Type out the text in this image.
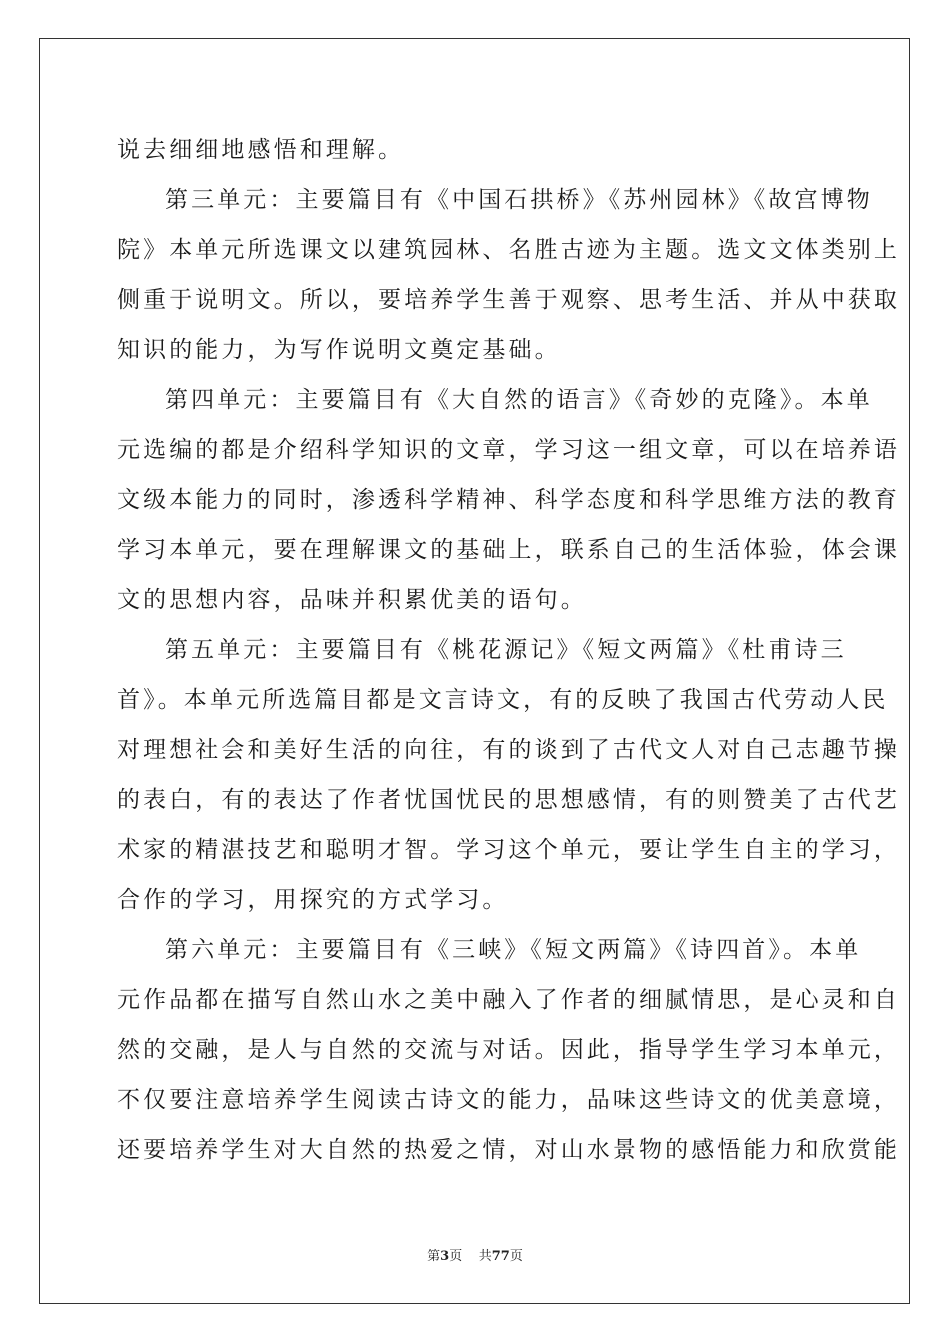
说去细细地感悟和理解。
第三单元：主要篇目有《中国石拱桥》《苏州园林》《故宫博物
院》本单元所选课文以建筑园林、名胜古迹为主题。选文文体类别上
侧重于说明文。所以，要培养学生善于观察、思考生活、并从中获取
知识的能力，为写作说明文奠定基础。
第四单元：主要篇目有《大自然的语言》《奇妙的克隆》。本单
元选编的都是介绍科学知识的文章，学习这一组文章，可以在培养语
文级本能力的同时，渗透科学精神、科学态度和科学思维方法的教育
学习本单元，要在理解课文的基础上，联系自己的生活体验，体会课
文的思想内容，品味并积累优美的语句。
第五单元：主要篇目有《桃花源记》《短文两篇》《杜甫诗三
首》。本单元所选篇目都是文言诗文，有的反映了我国古代劳动人民
对理想社会和美好生活的向往，有的谈到了古代文人对自己志趣节操
的表白，有的表达了作者忧国忧民的思想感情，有的则赞美了古代艺
术家的精湛技艺和聪明才智。学习这个单元，要让学生自主的学习，
合作的学习，用探究的方式学习。
第六单元：主要篇目有《三峡》《短文两篇》《诗四首》。本单
元作品都在描写自然山水之美中融入了作者的细腻情思，是心灵和自
然的交融，是人与自然的交流与对话。因此，指导学生学习本单元，
不仅要注意培养学生阅读古诗文的能力，品味这些诗文的优美意境，
还要培养学生对大自然的热爱之情，对山水景物的感悟能力和欣赏能
第3页 共77页
